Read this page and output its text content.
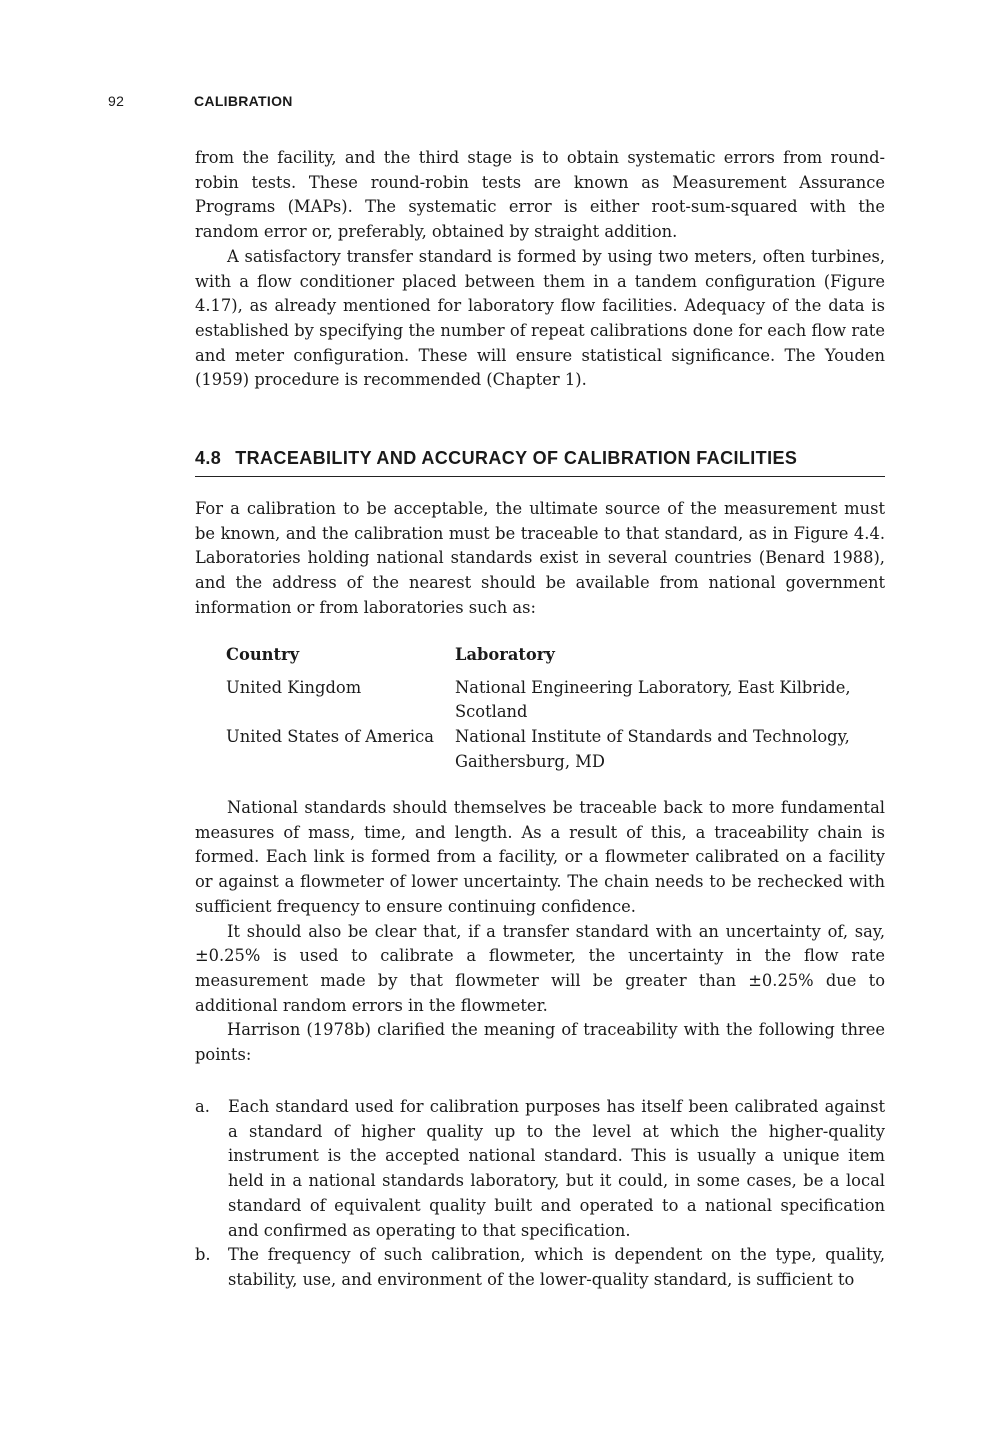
92	CALIBRATION

from the facility, and the third stage is to obtain systematic errors from round-robin tests. These round-robin tests are known as Measurement Assurance Programs (MAPs). The systematic error is either root-sum-squared with the random error or, preferably, obtained by straight addition.

A satisfactory transfer standard is formed by using two meters, often turbines, with a flow conditioner placed between them in a tandem configuration (Figure 4.17), as already mentioned for laboratory flow facilities. Adequacy of the data is established by specifying the number of repeat calibrations done for each flow rate and meter configuration. These will ensure statistical significance. The Youden (1959) procedure is recommended (Chapter 1).

4.8 TRACEABILITY AND ACCURACY OF CALIBRATION FACILITIES

For a calibration to be acceptable, the ultimate source of the measurement must be known, and the calibration must be traceable to that standard, as in Figure 4.4. Laboratories holding national standards exist in several countries (Benard 1988), and the address of the nearest should be available from national government information or from laboratories such as:

Country	Laboratory
United Kingdom	National Engineering Laboratory, East Kilbride,
Scotland

United States of America	National Institute of Standards and Technology,
Gaithersburg, MD

National standards should themselves be traceable back to more fundamental measures of mass, time, and length. As a result of this, a traceability chain is formed. Each link is formed from a facility, or a flowmeter calibrated on a facility or against a flowmeter of lower uncertainty. The chain needs to be rechecked with sufficient frequency to ensure continuing confidence.

It should also be clear that, if a transfer standard with an uncertainty of, say, ±0.25% is used to calibrate a flowmeter, the uncertainty in the flow rate measurement made by that flowmeter will be greater than ±0.25% due to additional random errors in the flowmeter.

Harrison (1978b) clarified the meaning of traceability with the following three points:

a.	Each standard used for calibration purposes has itself been calibrated against a standard of higher quality up to the level at which the higher-quality instrument is the accepted national standard. This is usually a unique item held in a national standards laboratory, but it could, in some cases, be a local standard of equivalent quality built and operated to a national specification and confirmed as operating to that specification.
b.	The frequency of such calibration, which is dependent on the type, quality, stability, use, and environment of the lower-quality standard, is sufficient to
